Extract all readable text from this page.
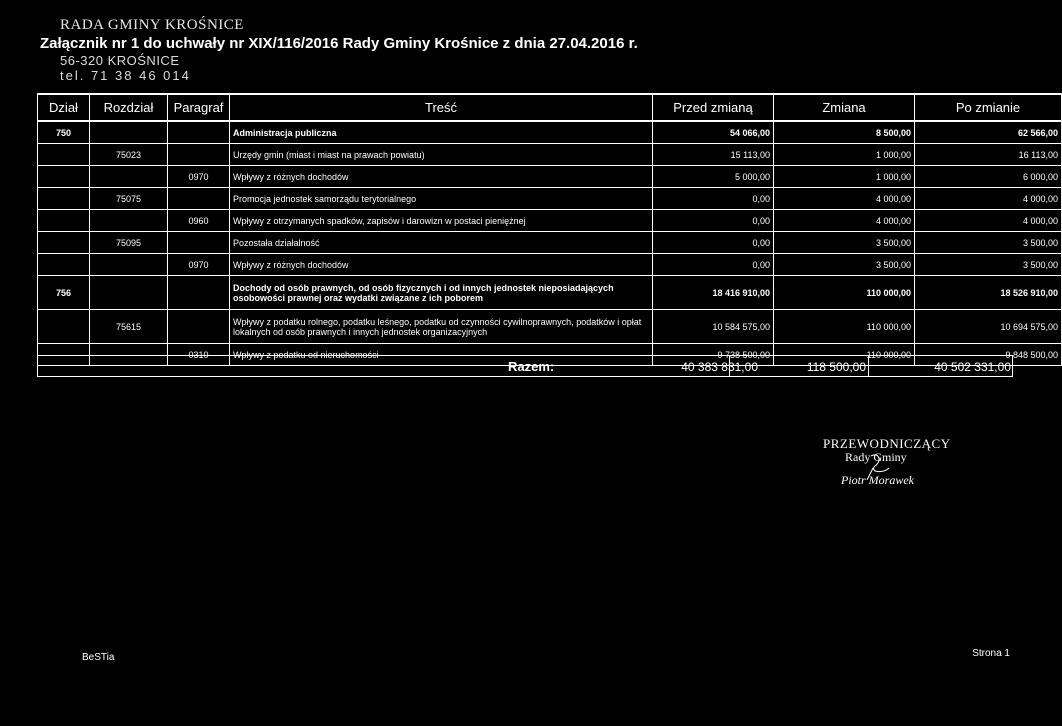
RADA GMINY KROŚNICE
56-320 KROŚNICE
tel. 71 38 46 014
Załącznik nr 1 do uchwały nr XIX/116/2016 Rady Gminy Krośnice z dnia 27.04.2016 r.
Dział	Rozdział	Paragraf	Treść	Przed zmianą	Zmiana	Po zmianie
750			Administracja publiczna	54 066,00	8 500,00	62 566,00
	75023		Urzędy gmin (miast i miast na prawach powiatu)	15 113,00	1 000,00	16 113,00
		0970	Wpływy z różnych dochodów	5 000,00	1 000,00	6 000,00
	75075		Promocja jednostek samorządu terytorialnego	0,00	4 000,00	4 000,00
		0960	Wpływy z otrzymanych spadków, zapisów i darowizn w postaci pieniężnej	0,00	4 000,00	4 000,00
	75095		Pozostała działalność	0,00	3 500,00	3 500,00
		0970	Wpływy z różnych dochodów	0,00	3 500,00	3 500,00
756			Dochody od osób prawnych, od osób fizycznych i od innych jednostek nieposiadających osobowości prawnej oraz wydatki związane z ich poborem	18 416 910,00	110 000,00	18 526 910,00
	75615		Wpływy z podatku rolnego, podatku leśnego, podatku od czynności cywilnoprawnych, podatków i opłat lokalnych od osób prawnych i innych jednostek organizacyjnych	10 584 575,00	110 000,00	10 694 575,00
		0310	Wpływy z podatku od nieruchomości	9 738 500,00	110 000,00	9 848 500,00
Razem:	40 383 831,00	118 500,00	40 502 331,00
PRZEWODNICZĄCY
Rady Gminy
Piotr Morawek
BeSTia	Strona 1
